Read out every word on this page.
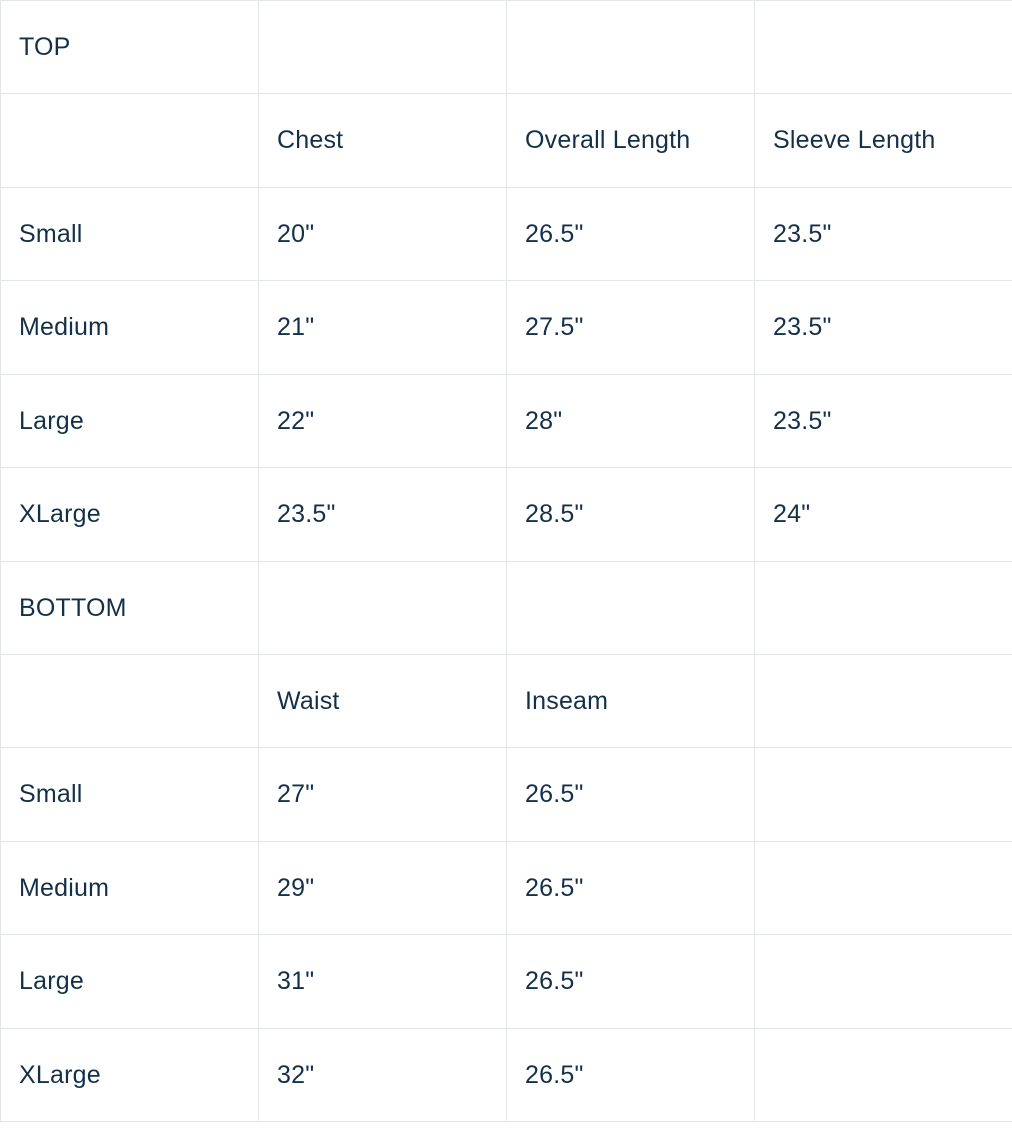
TOP			
	Chest	Overall Length	Sleeve Length
Small	20"	26.5"	23.5"
Medium	21"	27.5"	23.5"
Large	22"	28"	23.5"
XLarge	23.5"	28.5"	24"
BOTTOM			
	Waist	Inseam	
Small	27"	26.5"	
Medium	29"	26.5"	
Large	31"	26.5"	
XLarge	32"	26.5"	
